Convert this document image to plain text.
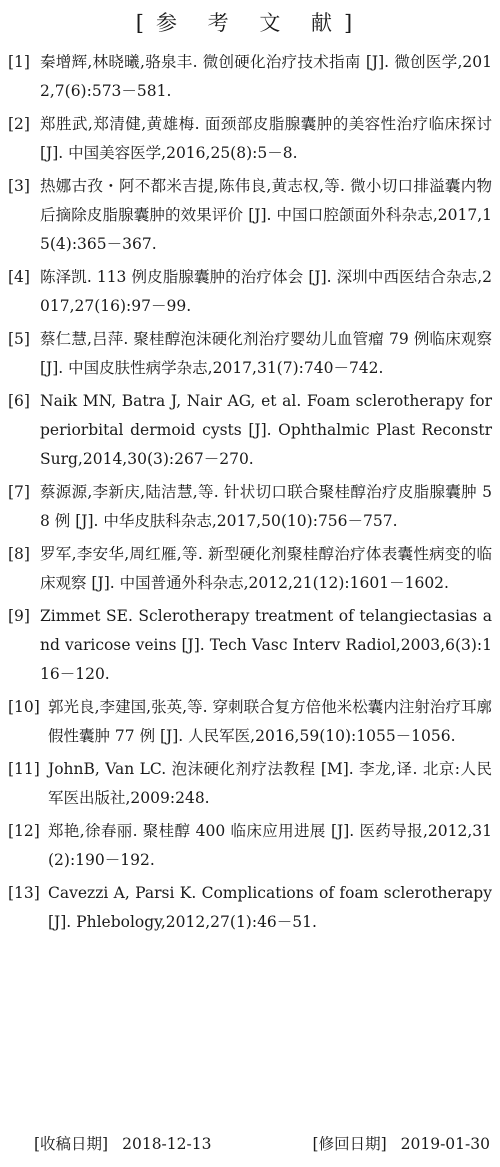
[参 考 文 献]
[1] 秦增辉,林晓曦,骆泉丰. 微创硬化治疗技术指南 [J]. 微创医学,2012,7(6):573－581.
[2] 郑胜武,郑清健,黄雄梅. 面颈部皮脂腺囊肿的美容性治疗临床探讨 [J]. 中国美容医学,2016,25(8):5－8.
[3] 热娜古孜・阿不都米吉提,陈伟良,黄志权,等. 微小切口排溢囊内物后摘除皮脂腺囊肿的效果评价 [J]. 中国口腔颌面外科杂志,2017,15(4):365－367.
[4] 陈泽凯. 113 例皮脂腺囊肿的治疗体会 [J]. 深圳中西医结合杂志,2017,27(16):97－99.
[5] 蔡仁慧,吕萍. 聚桂醇泡沫硬化剂治疗婴幼儿血管瘤 79 例临床观察 [J]. 中国皮肤性病学杂志,2017,31(7):740－742.
[6] Naik MN, Batra J, Nair AG, et al. Foam sclerotherapy for periorbital dermoid cysts [J]. Ophthalmic Plast Reconstr Surg,2014,30(3):267－270.
[7] 蔡源源,李新庆,陆洁慧,等. 针状切口联合聚桂醇治疗皮脂腺囊肿 58 例 [J]. 中华皮肤科杂志,2017,50(10):756－757.
[8] 罗军,李安华,周红雁,等. 新型硬化剂聚桂醇治疗体表囊性病变的临床观察 [J]. 中国普通外科杂志,2012,21(12):1601－1602.
[9] Zimmet SE. Sclerotherapy treatment of telangiectasias and varicose veins [J]. Tech Vasc Interv Radiol,2003,6(3):116－120.
[10] 郭光良,李建国,张英,等. 穿刺联合复方倍他米松囊内注射治疗耳廓假性囊肿 77 例 [J]. 人民军医,2016,59(10):1055－1056.
[11] JohnB, Van LC. 泡沫硬化剂疗法教程 [M]. 李龙,译. 北京:人民军医出版社,2009:248.
[12] 郑艳,徐春丽. 聚桂醇 400 临床应用进展 [J]. 医药导报,2012,31(2):190－192.
[13] Cavezzi A, Parsi K. Complications of foam sclerotherapy [J]. Phlebology,2012,27(1):46－51.
[收稿日期] 2018-12-13	[修回日期] 2019-01-30
